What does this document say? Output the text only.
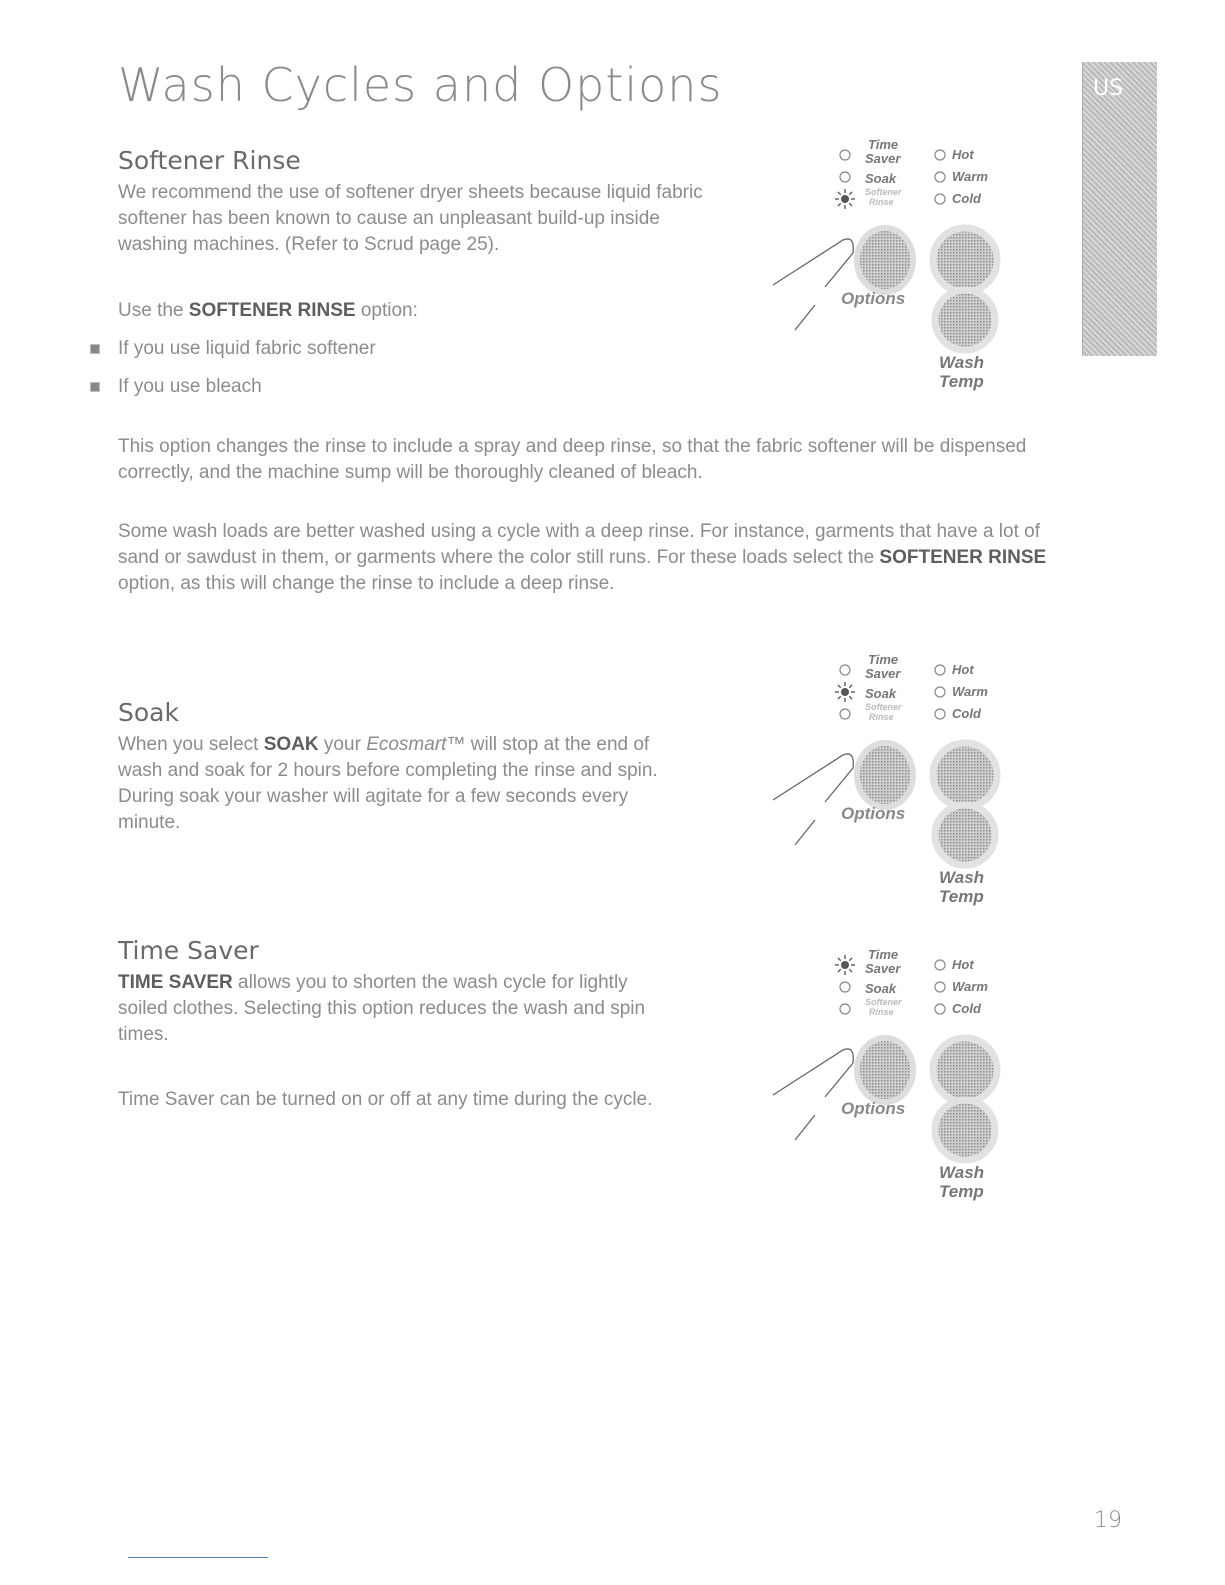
Wash Cycles and Options	US
Softener Rinse

We recommend the use of softener dryer sheets because liquid fabric softener has been known to cause an unpleasant build-up inside washing machines. (Refer to Scrud page 25).

Use the SOFTENER RINSE option:

If you use liquid fabric softener
If you use bleach

This option changes the rinse to include a spray and deep rinse, so that the fabric softener will be dispensed correctly, and the machine sump will be thoroughly cleaned of bleach.

Some wash loads are better washed using a cycle with a deep rinse. For instance, garments that have a lot of sand or sawdust in them, or garments where the color still runs. For these loads select the SOFTENER RINSE option, as this will change the rinse to include a deep rinse.

Soak

When you select SOAK your Ecosmart™ will stop at the end of wash and soak for 2 hours before completing the rinse and spin. During soak your washer will agitate for a few seconds every minute.

Time Saver

TIME SAVER allows you to shorten the wash cycle for lightly soiled clothes. Selecting this option reduces the wash and spin times.

Time Saver can be turned on or off at any time during the cycle.

Time
Saver
Soak
Softener
Rinse
Hot
Warm
Cold
Options
Wash
Temp
Time
Saver
Soak
Softener
Rinse
Hot
Warm
Cold
Options
Wash
Temp
Time
Saver
Soak
Softener
Rinse
Hot
Warm
Cold
Options
Wash
Temp
19
